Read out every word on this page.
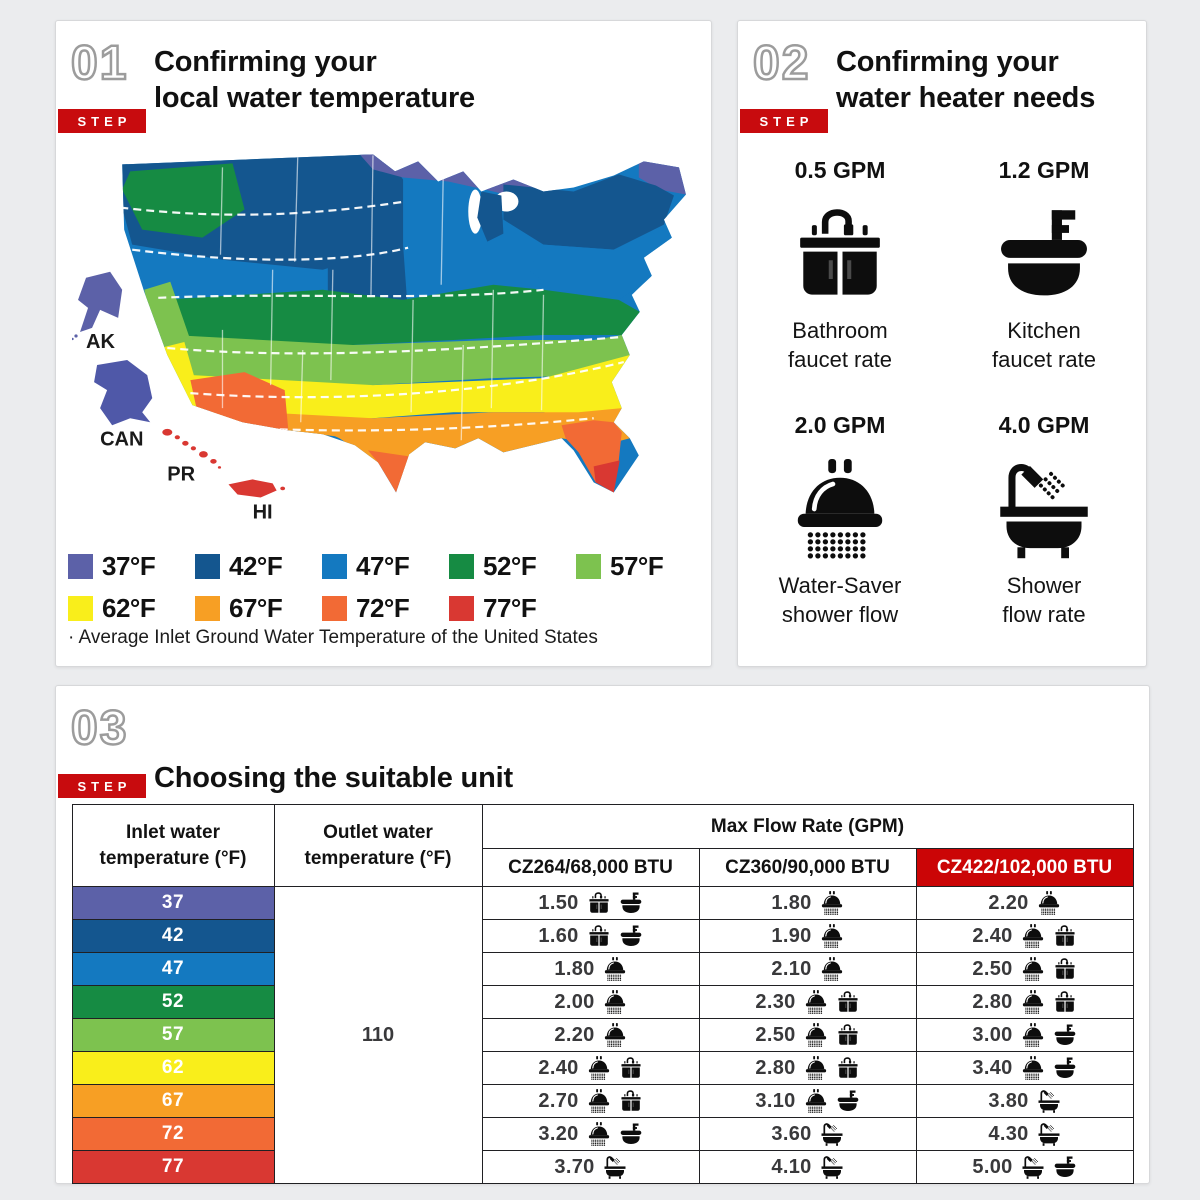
01
STEP
Confirming your
local water temperature
AK
CAN
PR
HI
37°F	42°F	47°F	52°F	57°F
62°F	67°F	72°F	77°F

· Average Inlet Ground Water Temperature of the United States

02
STEP
Confirming your
water heater needs
0.5 GPM
Bathroom
faucet rate
1.2 GPM
Kitchen
faucet rate
2.0 GPM
Water-Saver
shower flow
4.0 GPM
Shower
flow rate
03
STEP Choosing the suitable unit
Inlet water temperature (°F)	Outlet water temperature (°F)	Max Flow Rate (GPM)		
		CZ264/68,000 BTU	CZ360/90,000 BTU	CZ422/102,000 BTU

37	110	1.50	1.80	2.20

42		1.60	1.90	2.40

47		1.80	2.10	2.50

52		2.00	2.30	2.80

57		2.20	2.50	3.00

62		2.40	2.80	3.40

67		2.70	3.10	3.80

72		3.20	3.60	4.30

77		3.70	4.10	5.00
